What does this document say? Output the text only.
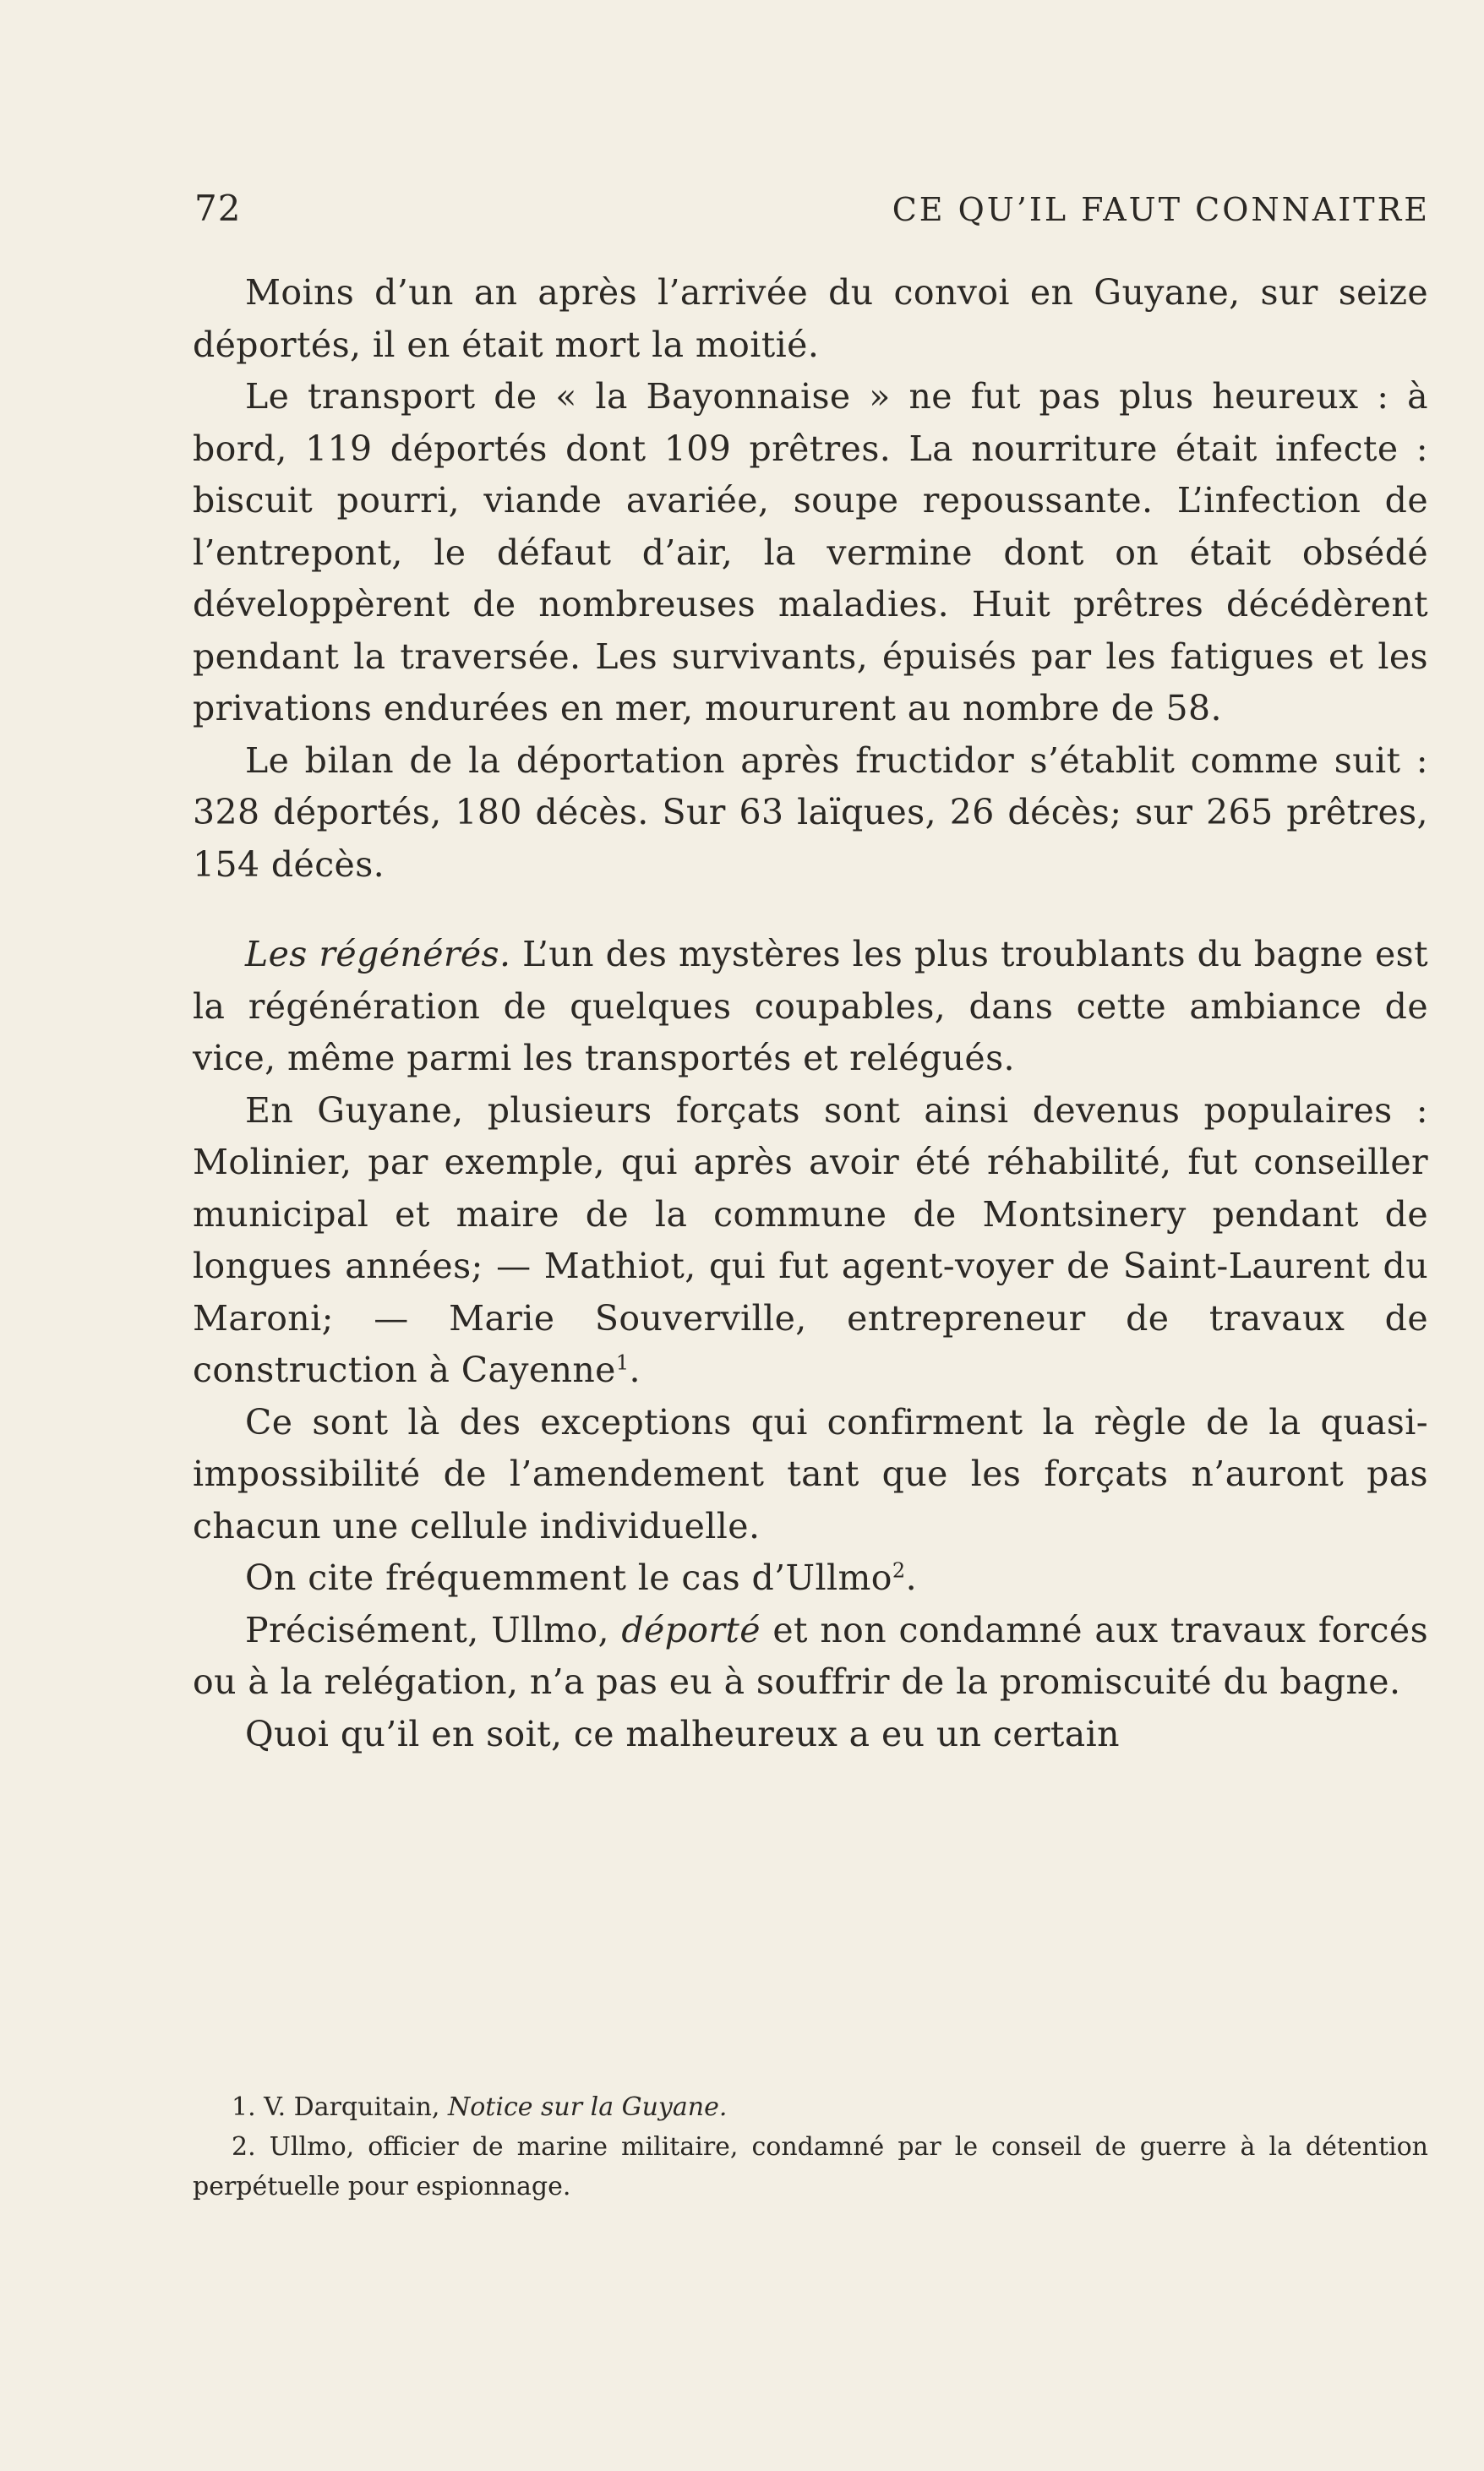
72	CE QU’IL FAUT CONNAITRE

Moins d’un an après l’arrivée du convoi en Guyane, sur seize déportés, il en était mort la moitié.

Le transport de « la Bayonnaise » ne fut pas plus heureux : à bord, 119 déportés dont 109 prêtres. La nourriture était infecte : biscuit pourri, viande avariée, soupe repoussante. L’infection de l’entrepont, le défaut d’air, la vermine dont on était obsédé développèrent de nombreuses maladies. Huit prêtres décédèrent pendant la traversée. Les survivants, épuisés par les fatigues et les privations endurées en mer, moururent au nombre de 58.

Le bilan de la déportation après fructidor s’établit comme suit : 328 déportés, 180 décès. Sur 63 laïques, 26 décès; sur 265 prêtres, 154 décès.

Les régénérés. L’un des mystères les plus troublants du bagne est la régénération de quelques coupables, dans cette ambiance de vice, même parmi les transportés et relégués.

En Guyane, plusieurs forçats sont ainsi devenus populaires : Molinier, par exemple, qui après avoir été réhabilité, fut conseiller municipal et maire de la commune de Montsinery pendant de longues années; — Mathiot, qui fut agent-voyer de Saint-Laurent du Maroni; — Marie Souverville, entrepreneur de travaux de construction à Cayenne$^1$.

Ce sont là des exceptions qui confirment la règle de la quasi-impossibilité de l’amendement tant que les forçats n’auront pas chacun une cellule individuelle.

On cite fréquemment le cas d’Ullmo$^2$.

Précisément, Ullmo, déporté et non condamné aux travaux forcés ou à la relégation, n’a pas eu à souffrir de la promiscuité du bagne.

Quoi qu’il en soit, ce malheureux a eu un certain

1. V. Darquitain, Notice sur la Guyane.

2. Ullmo, officier de marine militaire, condamné par le conseil de guerre à la détention perpétuelle pour espionnage.
